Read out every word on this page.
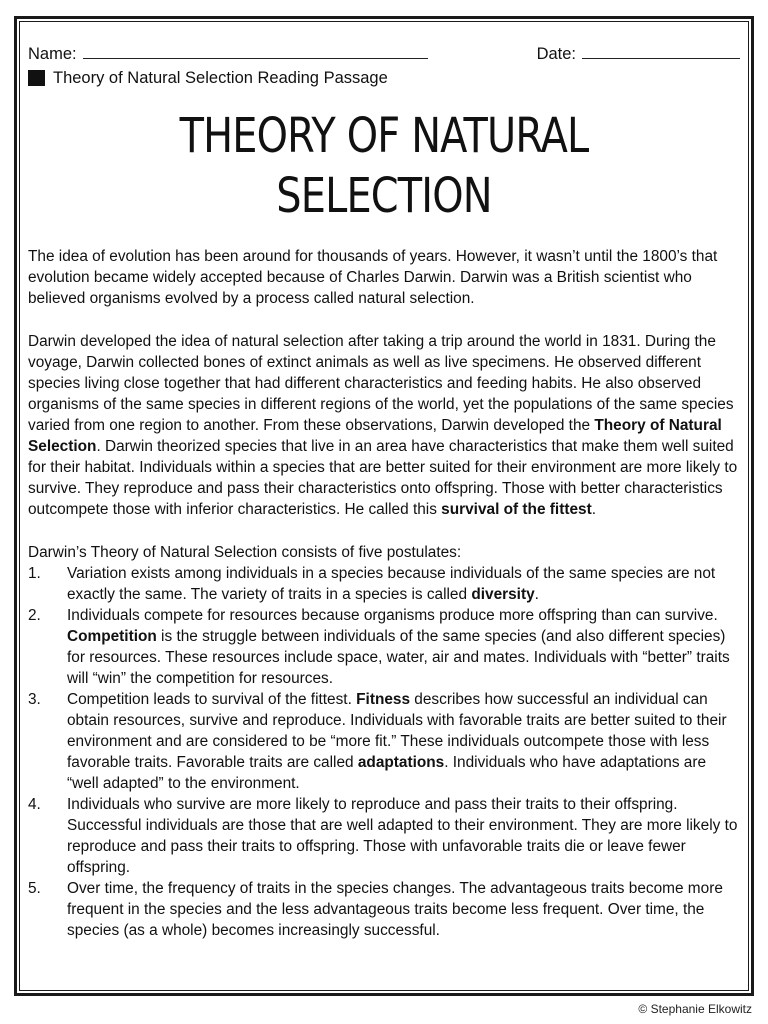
Name:	Date:
Theory of Natural Selection Reading Passage
THEORY OF NATURAL SELECTION

The idea of evolution has been around for thousands of years. However, it wasn’t until the 1800’s that evolution became widely accepted because of Charles Darwin. Darwin was a British scientist who believed organisms evolved by a process called natural selection.

Darwin developed the idea of natural selection after taking a trip around the world in 1831. During the voyage, Darwin collected bones of extinct animals as well as live specimens. He observed different species living close together that had different characteristics and feeding habits. He also observed organisms of the same species in different regions of the world, yet the populations of the same species varied from one region to another. From these observations, Darwin developed the Theory of Natural Selection. Darwin theorized species that live in an area have characteristics that make them well suited for their habitat. Individuals within a species that are better suited for their environment are more likely to survive. They reproduce and pass their characteristics onto offspring. Those with better characteristics outcompete those with inferior characteristics. He called this survival of the fittest.

Darwin’s Theory of Natural Selection consists of five postulates:
1.	Variation exists among individuals in a species because individuals of the same species are not exactly the same. The variety of traits in a species is called diversity.
2.	Individuals compete for resources because organisms produce more offspring than can survive. Competition is the struggle between individuals of the same species (and also different species) for resources. These resources include space, water, air and mates. Individuals with “better” traits will “win” the competition for resources.
3.	Competition leads to survival of the fittest. Fitness describes how successful an individual can obtain resources, survive and reproduce. Individuals with favorable traits are better suited to their environment and are considered to be “more fit.” These individuals outcompete those with less favorable traits. Favorable traits are called adaptations. Individuals who have adaptations are “well adapted” to the environment.
4.	Individuals who survive are more likely to reproduce and pass their traits to their offspring. Successful individuals are those that are well adapted to their environment. They are more likely to reproduce and pass their traits to offspring. Those with unfavorable traits die or leave fewer offspring.
5.	Over time, the frequency of traits in the species changes. The advantageous traits become more frequent in the species and the less advantageous traits become less frequent. Over time, the species (as a whole) becomes increasingly successful.
© Stephanie Elkowitz
